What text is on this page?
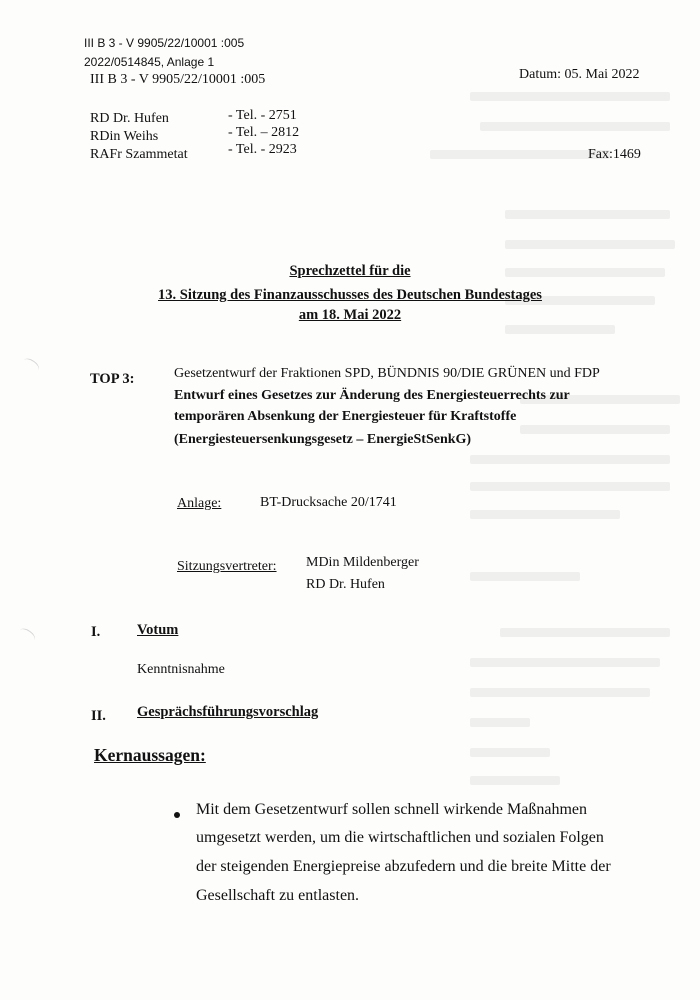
III B 3 - V 9905/22/10001 :005
2022/0514845, Anlage 1
III B 3 - V 9905/22/10001 :005	Datum: 05. Mai 2022
RD Dr. Hufen	- Tel. - 2751
RDin Weihs	- Tel. – 2812
RAFr Szammetat	- Tel. - 2923	Fax:1469
Sprechzettel für die
13. Sitzung des Finanzausschusses des Deutschen Bundestages
am 18. Mai 2022
TOP 3:	Gesetzentwurf der Fraktionen SPD, BÜNDNIS 90/DIE GRÜNEN und FDP
Entwurf eines Gesetzes zur Änderung des Energiesteuerrechts zur
temporären Absenkung der Energiesteuer für Kraftstoffe
(Energiesteuersenkungsgesetz – EnergieStSenkG)
Anlage:	BT-Drucksache 20/1741
Sitzungsvertreter: MDin Mildenberger
RD Dr. Hufen
I.	Votum
Kenntnisnahme
II. Gesprächsführungsvorschlag
Kernaussagen:
Mit dem Gesetzentwurf sollen schnell wirkende Maßnahmen
umgesetzt werden, um die wirtschaftlichen und sozialen Folgen
der steigenden Energiepreise abzufedern und die breite Mitte der
Gesellschaft zu entlasten.
